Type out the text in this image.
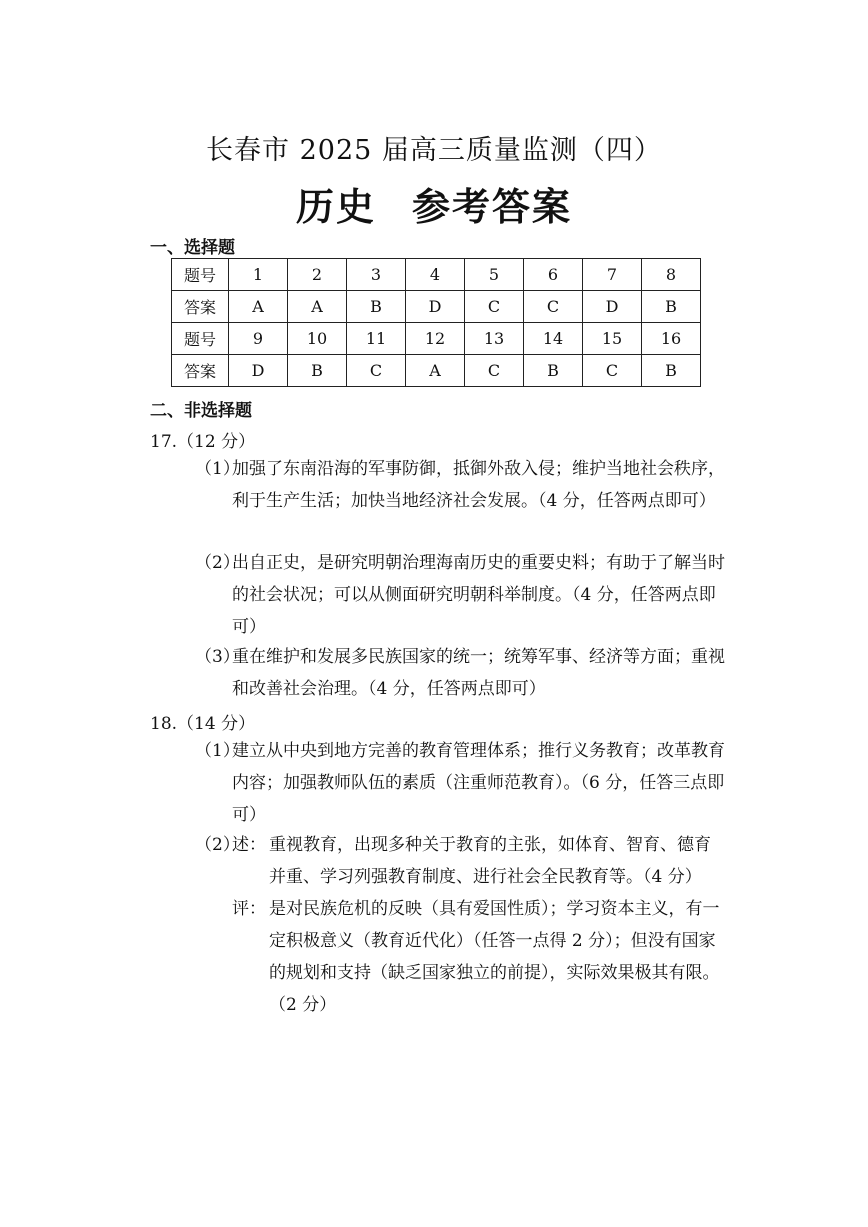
长春市 2025 届高三质量监测（四）
历史 参考答案
一、选择题
题号	1	2	3	4	5	6	7	8
答案	A	A	B	D	C	C	D	B
题号	9	10	11	12	13	14	15	16
答案	D	B	C	A	C	B	C	B
二、非选择题
17.（12 分）
（1）
加强了东南沿海的军事防御，抵御外敌入侵；维护当地社会秩序，利于生产生活；加快当地经济社会发展。（4 分，任答两点即可）
（2）
出自正史，是研究明朝治理海南历史的重要史料；有助于了解当时的社会状况；可以从侧面研究明朝科举制度。（4 分，任答两点即可）
（3）
重在维护和发展多民族国家的统一；统筹军事、经济等方面；重视和改善社会治理。（4 分，任答两点即可）
18.（14 分）
（1）
建立从中央到地方完善的教育管理体系；推行义务教育；改革教育内容；加强教师队伍的素质（注重师范教育）。（6 分，任答三点即可）
（2）
述： 重视教育，出现多种关于教育的主张，如体育、智育、德育并重、学习列强教育制度、进行社会全民教育等。（4 分）
评： 是对民族危机的反映（具有爱国性质）；学习资本主义，有一定积极意义（教育近代化）（任答一点得 2 分）；但没有国家的规划和支持（缺乏国家独立的前提），实际效果极其有限。（2 分）
